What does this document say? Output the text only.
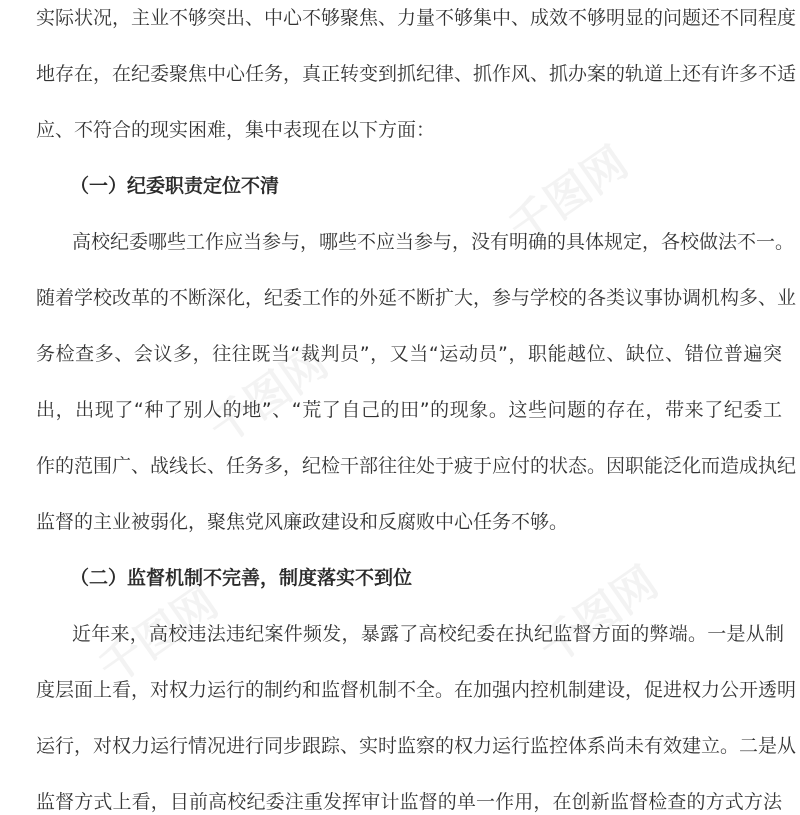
千图网
千图网
千图网
千图网
实际状况，主业不够突出、中心不够聚焦、力量不够集中、成效不够明显的问题还不同程度
地存在，在纪委聚焦中心任务，真正转变到抓纪律、抓作风、抓办案的轨道上还有许多不适
应、不符合的现实困难，集中表现在以下方面：
（一）纪委职责定位不清
高校纪委哪些工作应当参与，哪些不应当参与，没有明确的具体规定，各校做法不一。
随着学校改革的不断深化，纪委工作的外延不断扩大，参与学校的各类议事协调机构多、业
务检查多、会议多，往往既当“裁判员”，又当“运动员”，职能越位、缺位、错位普遍突
出，出现了“种了别人的地”、“荒了自己的田”的现象。这些问题的存在，带来了纪委工
作的范围广、战线长、任务多，纪检干部往往处于疲于应付的状态。因职能泛化而造成执纪
监督的主业被弱化，聚焦党风廉政建设和反腐败中心任务不够。
（二）监督机制不完善，制度落实不到位
近年来，高校违法违纪案件频发，暴露了高校纪委在执纪监督方面的弊端。一是从制
度层面上看，对权力运行的制约和监督机制不全。在加强内控机制建设，促进权力公开透明
运行，对权力运行情况进行同步跟踪、实时监察的权力运行监控体系尚未有效建立。二是从
监督方式上看，目前高校纪委注重发挥审计监督的单一作用，在创新监督检查的方式方法
